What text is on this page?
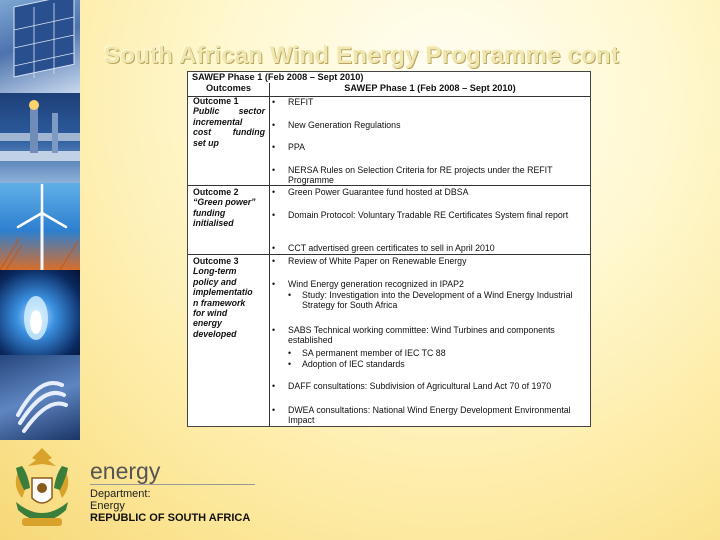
South African Wind Energy Programme cont
SAWEP Phase 1 (Feb 2008 – Sept 2010)
Outcomes	SAWEP Phase 1 (Feb 2008 – Sept 2010)
Outcome 1
Public sector
incremental
cost funding
set up
• REFIT
• New Generation Regulations
• PPA
• NERSA Rules on Selection Criteria for RE projects under the REFIT Programme
Outcome 2
“Green power”
funding
initialised
• Green Power Guarantee fund hosted at DBSA
• Domain Protocol: Voluntary Tradable RE Certificates System final report
• CCT advertised green certificates to sell in April 2010
Outcome 3
Long-term
policy and
implementatio
n framework
for wind
energy
developed
• Review of White Paper on Renewable Energy
• Wind Energy generation recognized in IPAP2
• Study: Investigation into the Development of a Wind Energy Industrial Strategy for South Africa
• SABS Technical working committee: Wind Turbines and components established
• SA permanent member of IEC TC 88
• Adoption of IEC standards
• DAFF consultations: Subdivision of Agricultural Land Act 70 of 1970
• DWEA consultations: National Wind Energy Development Environmental Impact
energy
Department:
Energy
REPUBLIC OF SOUTH AFRICA
